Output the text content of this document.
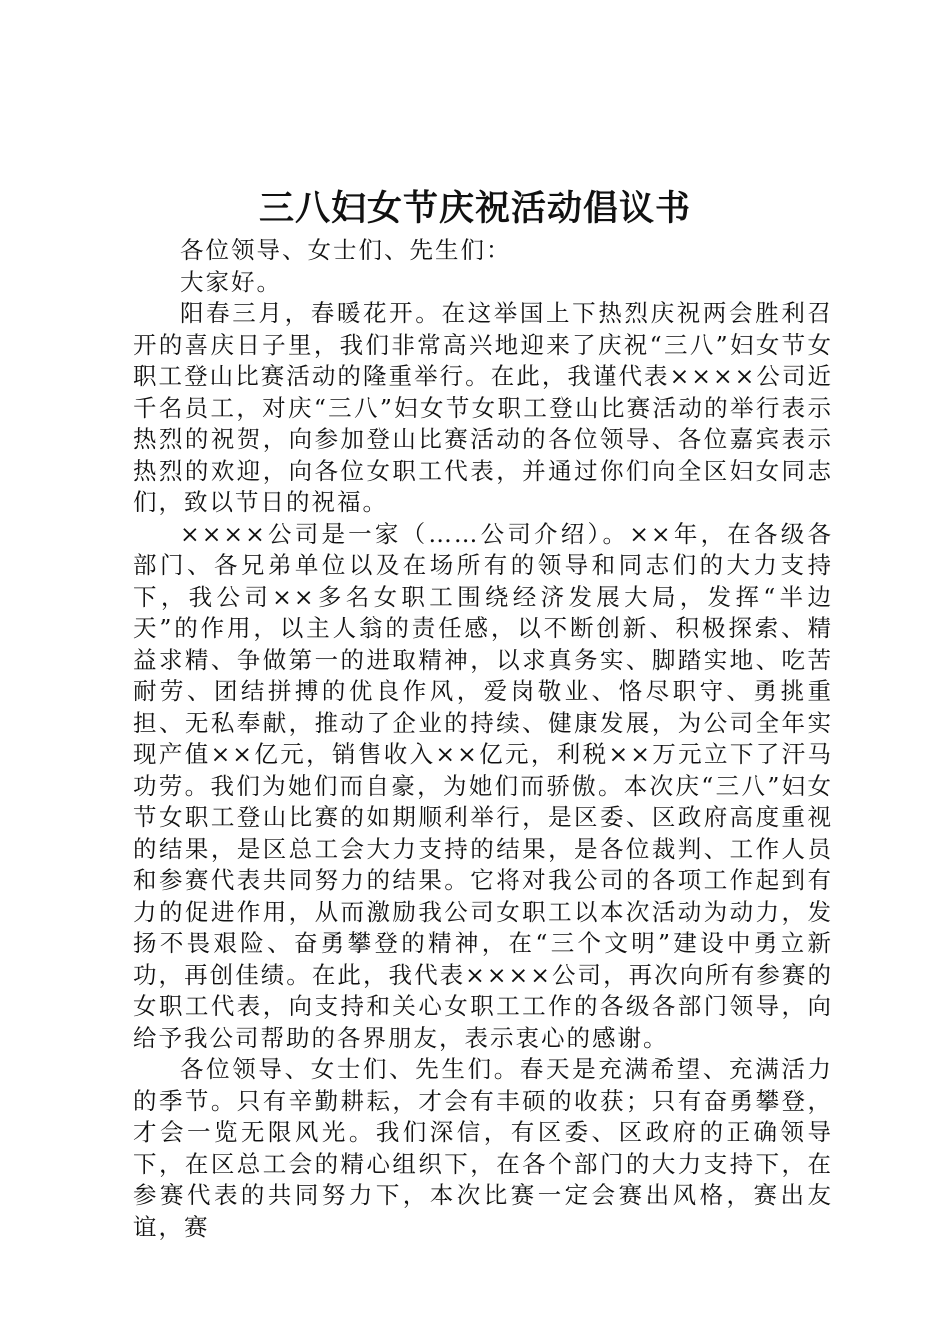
三八妇女节庆祝活动倡议书

各位领导、女士们、先生们：

大家好。

阳春三月，春暖花开。在这举国上下热烈庆祝两会胜利召开的喜庆日子里，我们非常高兴地迎来了庆祝“三八”妇女节女职工登山比赛活动的隆重举行。在此，我谨代表××××公司近千名员工，对庆“三八”妇女节女职工登山比赛活动的举行表示热烈的祝贺，向参加登山比赛活动的各位领导、各位嘉宾表示热烈的欢迎，向各位女职工代表，并通过你们向全区妇女同志们，致以节日的祝福。

××××公司是一家（……公司介绍）。××年，在各级各部门、各兄弟单位以及在场所有的领导和同志们的大力支持下，我公司××多名女职工围绕经济发展大局，发挥“半边天”的作用，以主人翁的责任感，以不断创新、积极探索、精益求精、争做第一的进取精神，以求真务实、脚踏实地、吃苦耐劳、团结拼搏的优良作风，爱岗敬业、恪尽职守、勇挑重担、无私奉献，推动了企业的持续、健康发展，为公司全年实现产值××亿元，销售收入××亿元，利税××万元立下了汗马功劳。我们为她们而自豪，为她们而骄傲。本次庆“三八”妇女节女职工登山比赛的如期顺利举行，是区委、区政府高度重视的结果，是区总工会大力支持的结果，是各位裁判、工作人员和参赛代表共同努力的结果。它将对我公司的各项工作起到有力的促进作用，从而激励我公司女职工以本次活动为动力，发扬不畏艰险、奋勇攀登的精神，在“三个文明”建设中勇立新功，再创佳绩。在此，我代表××××公司，再次向所有参赛的女职工代表，向支持和关心女职工工作的各级各部门领导，向给予我公司帮助的各界朋友，表示衷心的感谢。

各位领导、女士们、先生们。春天是充满希望、充满活力的季节。只有辛勤耕耘，才会有丰硕的收获；只有奋勇攀登，才会一览无限风光。我们深信，有区委、区政府的正确领导下，在区总工会的精心组织下，在各个部门的大力支持下，在参赛代表的共同努力下，本次比赛一定会赛出风格，赛出友谊，赛
